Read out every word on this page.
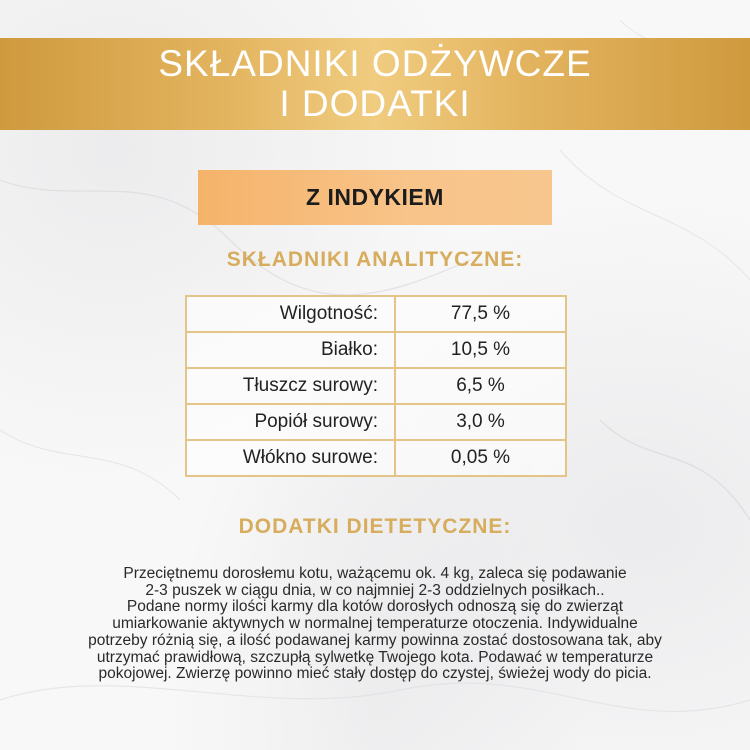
SKŁADNIKI ODŻYWCZE
I DODATKI
Z INDYKIEM
SKŁADNIKI ANALITYCZNE:
Wilgotność:	77,5 %
Białko:	10,5 %
Tłuszcz surowy:	6,5 %
Popiół surowy:	3,0 %
Włókno surowe:	0,05 %
DODATKI DIETETYCZNE:
Przeciętnemu dorosłemu kotu, ważącemu ok. 4 kg, zaleca się podawanie
2-3 puszek w ciągu dnia, w co najmniej 2-3 oddzielnych posiłkach..
Podane normy ilości karmy dla kotów dorosłych odnoszą się do zwierząt
umiarkowanie aktywnych w normalnej temperaturze otoczenia. Indywidualne
potrzeby różnią się, a ilość podawanej karmy powinna zostać dostosowana tak, aby
utrzymać prawidłową, szczupłą sylwetkę Twojego kota. Podawać w temperaturze
pokojowej. Zwierzę powinno mieć stały dostęp do czystej, świeżej wody do picia.
